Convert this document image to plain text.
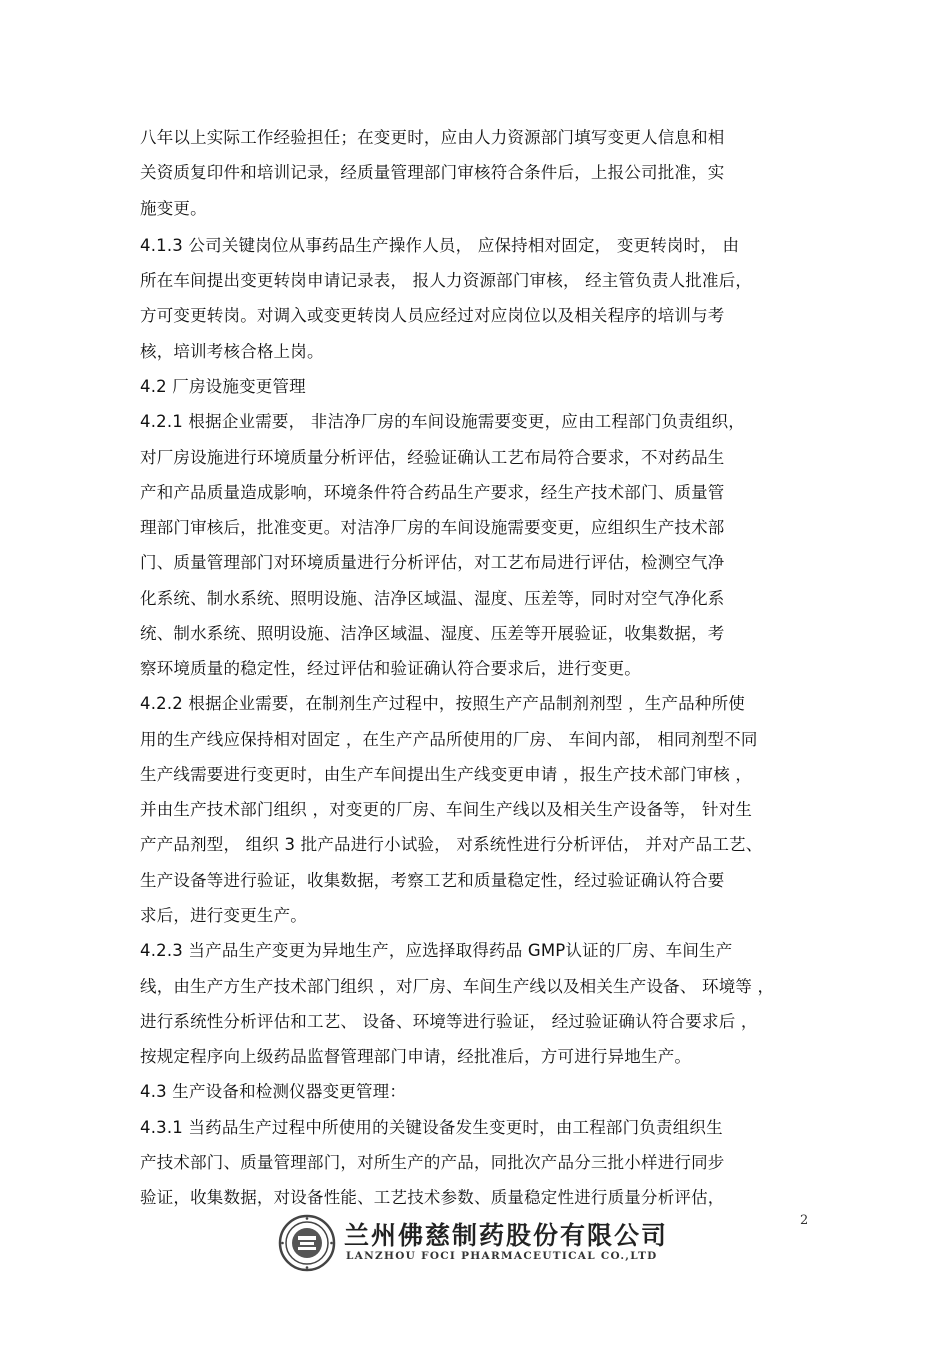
八年以上实际工作经验担任；在变更时，应由人力资源部门填写变更人信息和相
关资质复印件和培训记录，经质量管理部门审核符合条件后，上报公司批准，实
施变更。
4.1.3 公司关键岗位从事药品生产操作人员， 应保持相对固定， 变更转岗时， 由
所在车间提出变更转岗申请记录表， 报人力资源部门审核， 经主管负责人批准后，
方可变更转岗。对调入或变更转岗人员应经过对应岗位以及相关程序的培训与考
核，培训考核合格上岗。
4.2 厂房设施变更管理
4.2.1 根据企业需要， 非洁净厂房的车间设施需要变更，应由工程部门负责组织，
对厂房设施进行环境质量分析评估，经验证确认工艺布局符合要求，不对药品生
产和产品质量造成影响，环境条件符合药品生产要求，经生产技术部门、质量管
理部门审核后，批准变更。对洁净厂房的车间设施需要变更，应组织生产技术部
门、质量管理部门对环境质量进行分析评估，对工艺布局进行评估，检测空气净
化系统、制水系统、照明设施、洁净区域温、湿度、压差等，同时对空气净化系
统、制水系统、照明设施、洁净区域温、湿度、压差等开展验证，收集数据，考
察环境质量的稳定性，经过评估和验证确认符合要求后，进行变更。
4.2.2 根据企业需要，在制剂生产过程中，按照生产产品制剂剂型 ，生产品种所使
用的生产线应保持相对固定 ，在生产产品所使用的厂房、 车间内部， 相同剂型不同
生产线需要进行变更时，由生产车间提出生产线变更申请 ，报生产技术部门审核 ，
并由生产技术部门组织 ，对变更的厂房、车间生产线以及相关生产设备等， 针对生
产产品剂型， 组织 3 批产品进行小试验， 对系统性进行分析评估， 并对产品工艺、
生产设备等进行验证，收集数据，考察工艺和质量稳定性，经过验证确认符合要
求后，进行变更生产。
4.2.3 当产品生产变更为异地生产，应选择取得药品 GMP认证的厂房、车间生产
线，由生产方生产技术部门组织 ，对厂房、车间生产线以及相关生产设备、 环境等 ，
进行系统性分析评估和工艺、 设备、环境等进行验证， 经过验证确认符合要求后 ，
按规定程序向上级药品监督管理部门申请，经批准后，方可进行异地生产。
4.3 生产设备和检测仪器变更管理：
4.3.1 当药品生产过程中所使用的关键设备发生变更时，由工程部门负责组织生
产技术部门、质量管理部门，对所生产的产品，同批次产品分三批小样进行同步
验证，收集数据，对设备性能、工艺技术参数、质量稳定性进行质量分析评估，
2
兰州佛慈制药股份有限公司
LANZHOU FOCI PHARMACEUTICAL CO.,LTD
